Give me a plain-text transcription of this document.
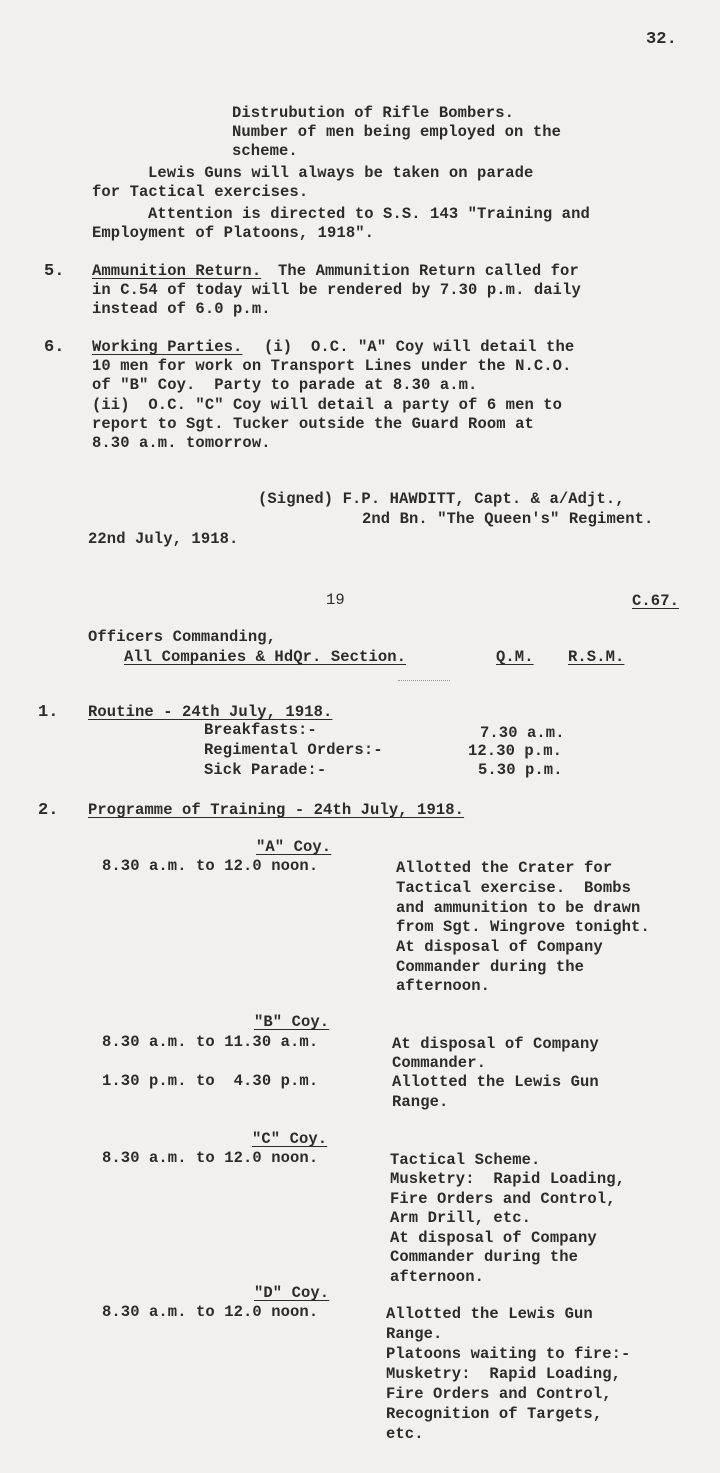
32.
Distrubution of Rifle Bombers.
Number of men being employed on the
scheme.
Lewis Guns will always be taken on parade
for Tactical exercises.
Attention is directed to S.S. 143 "Training and
Employment of Platoons, 1918".
5. Ammunition Return. The Ammunition Return called for
in C.54 of today will be rendered by 7.30 p.m. daily
instead of 6.0 p.m.
6. Working Parties. (i)  O.C. "A" Coy will detail the
10 men for work on Transport Lines under the N.C.O.
of "B" Coy.  Party to parade at 8.30 a.m.
(ii)  O.C. "C" Coy will detail a party of 6 men to
report to Sgt. Tucker outside the Guard Room at
8.30 a.m. tomorrow.
(Signed) F.P. HAWDITT, Capt. & a/Adjt.,
2nd Bn. "The Queen's" Regiment.
22nd July, 1918.
19	C.67.
Officers Commanding,
All Companies & HdQr. Section.	Q.M. R.S.M.
1. Routine - 24th July, 1918.
Breakfasts:-	7.30 a.m.
Regimental Orders:-	12.30 p.m.
Sick Parade:-	5.30 p.m.
2. Programme of Training - 24th July, 1918.
"A" Coy.
8.30 a.m. to 12.0 noon.	Allotted the Crater for
Tactical exercise.  Bombs
and ammunition to be drawn
from Sgt. Wingrove tonight.
At disposal of Company
Commander during the
afternoon.
"B" Coy.
8.30 a.m. to 11.30 a.m.	At disposal of Company
Commander.
1.30 p.m. to  4.30 p.m.	Allotted the Lewis Gun
Range.
"C" Coy.
8.30 a.m. to 12.0 noon.	Tactical Scheme.
Musketry:  Rapid Loading,
Fire Orders and Control,
Arm Drill, etc.
At disposal of Company
Commander during the
afternoon.
"D" Coy.
8.30 a.m. to 12.0 noon.	Allotted the Lewis Gun
Range.
Platoons waiting to fire:-
Musketry:  Rapid Loading,
Fire Orders and Control,
Recognition of Targets,
etc.
